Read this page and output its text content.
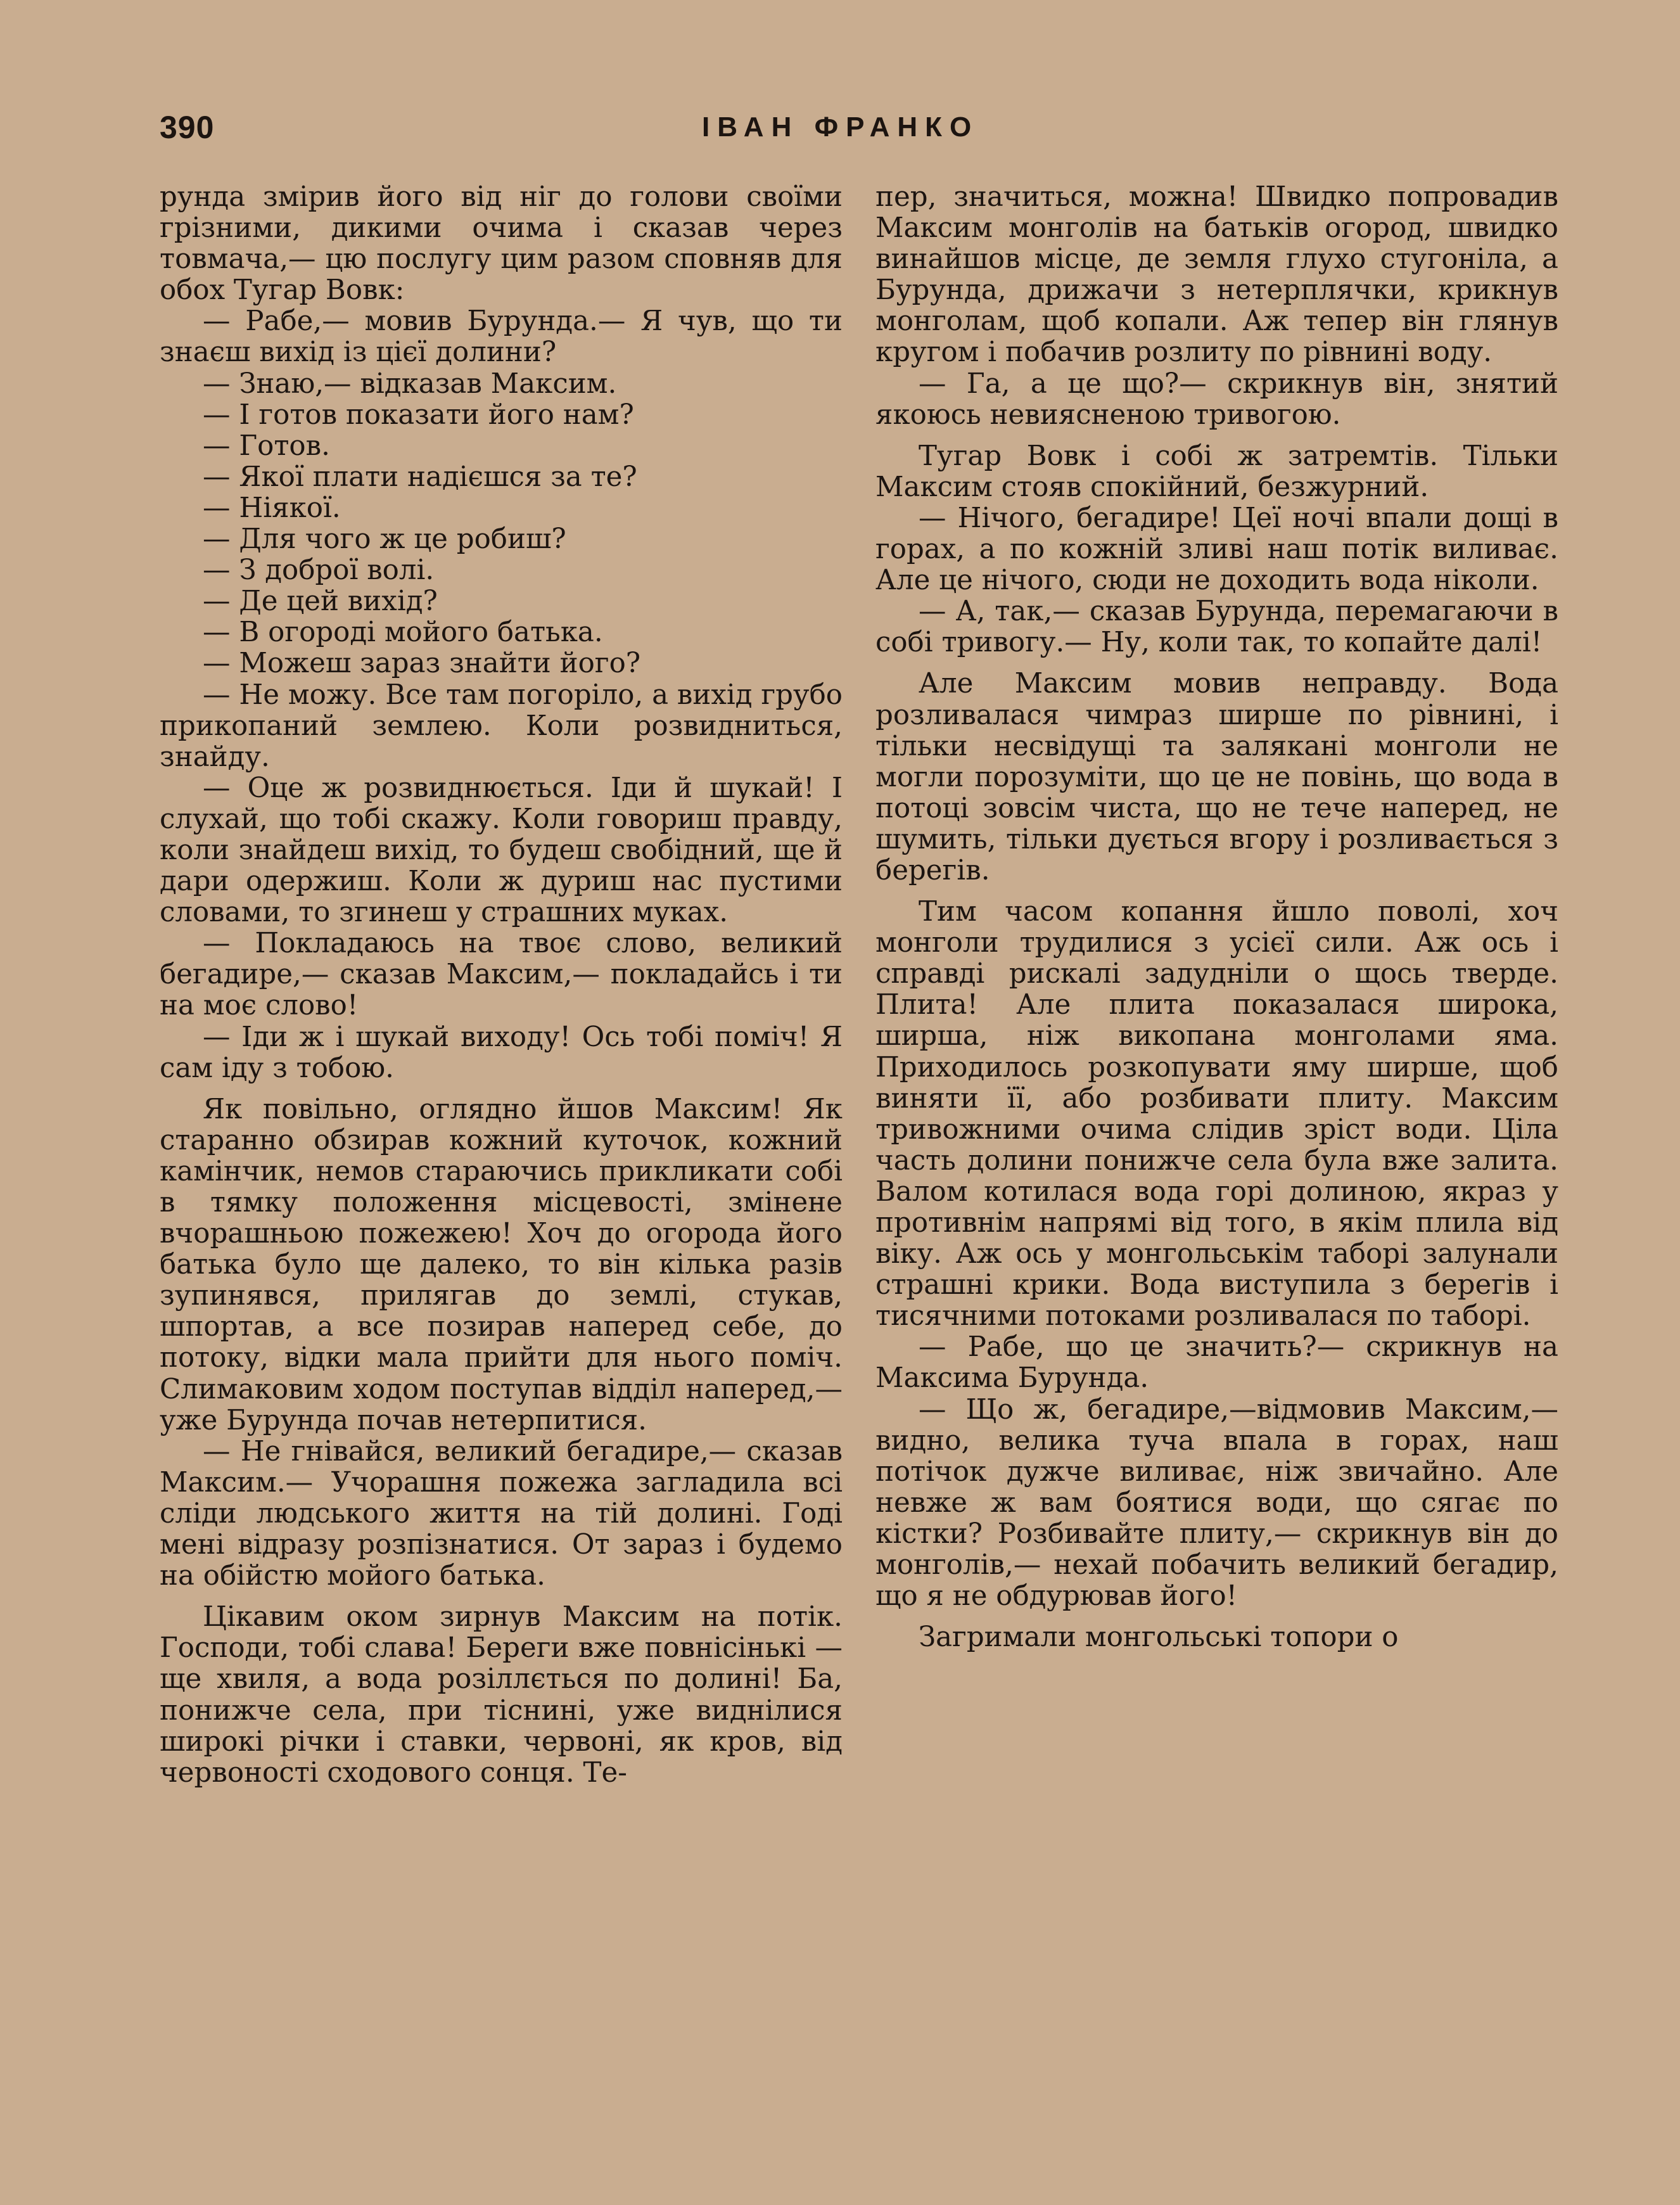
390	ІВАН ФРАНКО

рунда змірив його від ніг до голови своїми грізними, дикими очима і сказав через товмача,— цю послугу цим разом сповняв для обох Тугар Вовк:

— Рабе,— мовив Бурунда.— Я чув, що ти знаєш вихід із цієї долини?

— Знаю,— відказав Максим.

— І готов показати його нам?

— Готов.

— Якої плати надієшся за те?

— Ніякої.

— Для чого ж це робиш?

— З доброї волі.

— Де цей вихід?

— В огороді мойого батька.

— Можеш зараз знайти його?

— Не можу. Все там погоріло, а вихід грубо прикопаний землею. Коли розвидниться, знайду.

— Оце ж розвиднюється. Іди й шукай! І слухай, що тобі скажу. Коли говориш правду, коли знайдеш вихід, то будеш свобідний, ще й дари одержиш. Коли ж дуриш нас пустими словами, то згинеш у страшних муках.

— Покладаюсь на твоє слово, великий бегадире,— сказав Максим,— покладайсь і ти на моє слово!

— Іди ж і шукай виходу! Ось тобі поміч! Я сам іду з тобою.

Як повільно, оглядно йшов Максим! Як старанно обзирав кожний куточок, кожний камінчик, немов стараючись прикликати собі в тямку положення місцевості, змінене вчорашньою пожежею! Хоч до огорода його батька було ще далеко, то він кілька разів зупинявся, прилягав до землі, стукав, шпортав, а все позирав наперед себе, до потоку, відки мала прийти для нього поміч. Слимаковим ходом поступав відділ наперед,— уже Бурунда почав нетерпитися.

— Не гнівайся, великий бегадире,— сказав Максим.— Учорашня пожежа загладила всі сліди людського життя на тій долині. Годі мені відразу розпізнатися. От зараз і будемо на обійстю мойого батька.

Цікавим оком зирнув Максим на потік. Господи, тобі слава! Береги вже повнісінькі — ще хвиля, а вода розіллється по долині! Ба, понижче села, при тіснині, уже виднілися широкі річки і ставки, червоні, як кров, від червоності сходового сонця. Те-

пер, значиться, можна! Швидко попровадив Максим монголів на батьків огород, швидко винайшов місце, де земля глухо стугоніла, а Бурунда, дрижачи з нетерплячки, крикнув монголам, щоб копали. Аж тепер він глянув кругом і побачив розлиту по рівнині воду.

— Га, а це що?— скрикнув він, знятий якоюсь невиясненою тривогою.

Тугар Вовк і собі ж затремтів. Тільки Максим стояв спокійний, безжурний.

— Нічого, бегадире! Цеї ночі впали дощі в горах, а по кожній зливі наш потік виливає. Але це нічого, сюди не доходить вода ніколи.

— А, так,— сказав Бурунда, перемагаючи в собі тривогу.— Ну, коли так, то копайте далі!

Але Максим мовив неправду. Вода розливалася чимраз ширше по рівнині, і тільки несвідущі та залякані монголи не могли порозуміти, що це не повінь, що вода в потоці зовсім чиста, що не тече наперед, не шумить, тільки дується вгору і розливається з берегів.

Тим часом копання йшло поволі, хоч монголи трудилися з усієї сили. Аж ось і справді рискалі задудніли о щось тверде. Плита! Але плита показалася широка, ширша, ніж викопана монголами яма. Приходилось розкопувати яму ширше, щоб виняти її, або розбивати плиту. Максим тривожними очима слідив зріст води. Ціла часть долини понижче села була вже залита. Валом котилася вода горі долиною, якраз у противнім напрямі від того, в якім плила від віку. Аж ось у монгольськім таборі залунали страшні крики. Вода виступила з берегів і тисячними потоками розливалася по таборі.

— Рабе, що це значить?— скрикнув на Максима Бурунда.

— Що ж, бегадире,—відмовив Максим,— видно, велика туча впала в горах, наш потічок дужче виливає, ніж звичайно. Але невже ж вам боятися води, що сягає по кістки? Розбивайте плиту,— скрикнув він до монголів,— нехай побачить великий бегадир, що я не обдурював його!

Загримали монгольські топори о
